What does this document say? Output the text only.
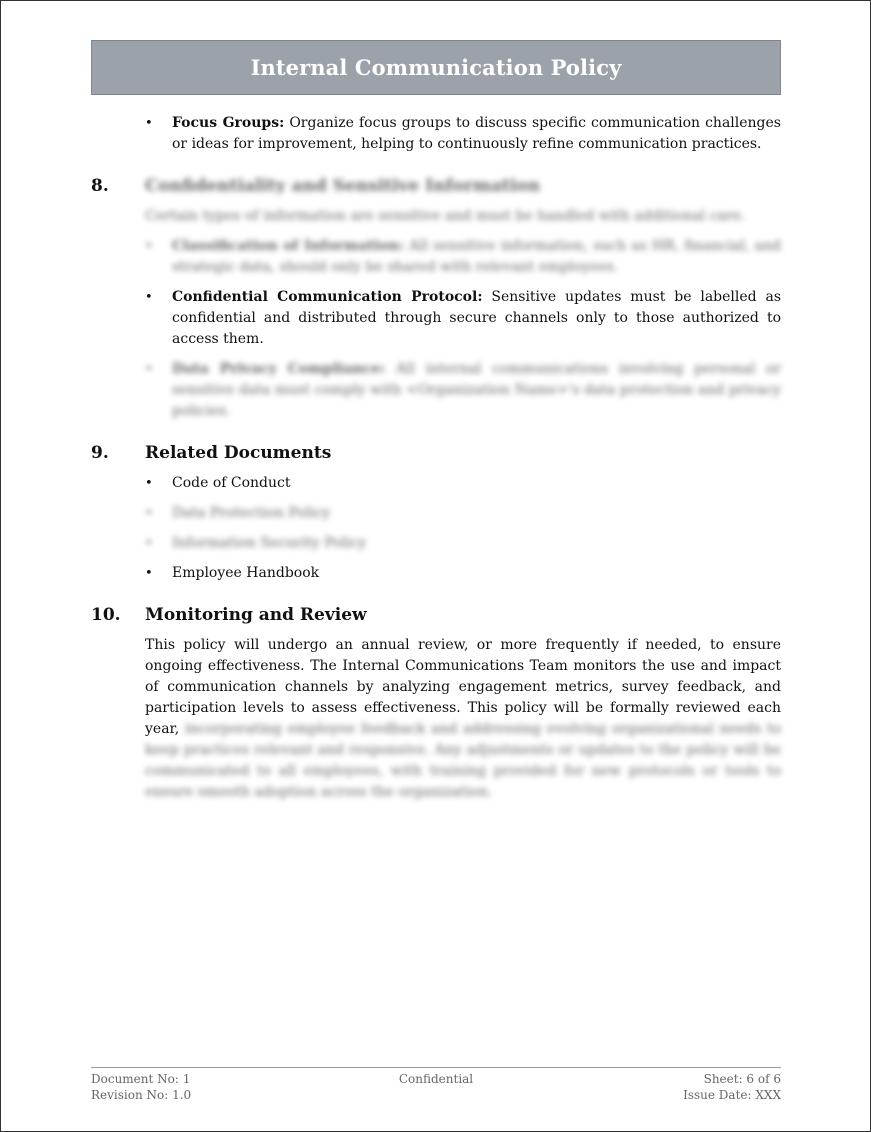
Internal Communication Policy
• Focus Groups: Organize focus groups to discuss specific communication challenges or ideas for improvement, helping to continuously refine communication practices.
8.	Confidentiality and Sensitive Information
Certain types of information are sensitive and must be handled with additional care.
• Classification of Information: All sensitive information, such as HR, financial, and strategic data, should only be shared with relevant employees.
• Confidential Communication Protocol: Sensitive updates must be labelled as confidential and distributed through secure channels only to those authorized to access them.
• Data Privacy Compliance: All internal communications involving personal or sensitive data must comply with <Organization Name>'s data protection and privacy policies.
9.	Related Documents
• Code of Conduct
• Data Protection Policy
• Information Security Policy
• Employee Handbook
10.	Monitoring and Review
This policy will undergo an annual review, or more frequently if needed, to ensure ongoing effectiveness. The Internal Communications Team monitors the use and impact of communication channels by analyzing engagement metrics, survey feedback, and participation levels to assess effectiveness. This policy will be formally reviewed each year, incorporating employee feedback and addressing evolving organizational needs to keep practices relevant and responsive. Any adjustments or updates to the policy will be communicated to all employees, with training provided for new protocols or tools to ensure smooth adoption across the organization.
Document No: 1
Revision No: 1.0
Confidential	Sheet: 6 of 6
Issue Date: XXX
